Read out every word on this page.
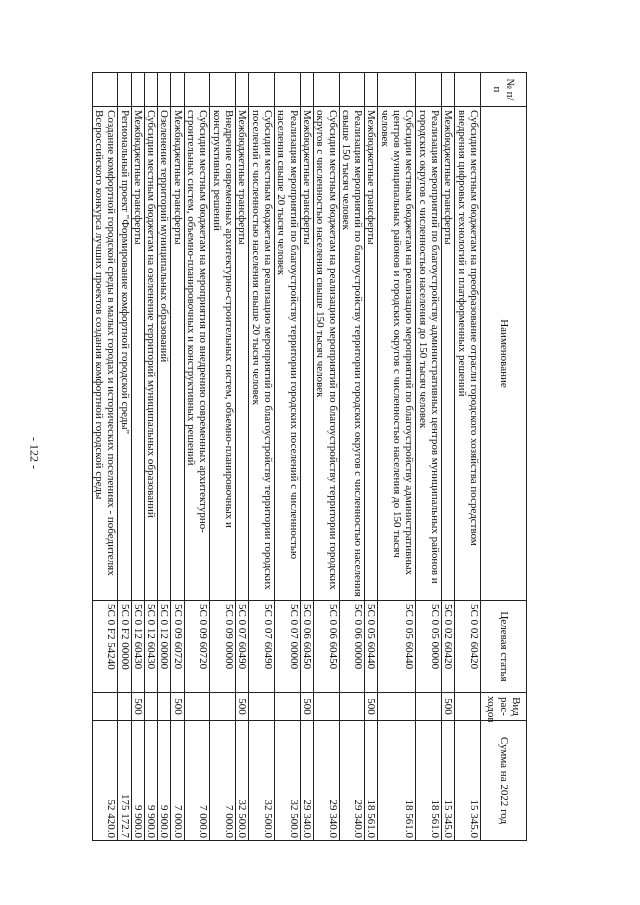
- 122 -
№ п/п	Наименование	Целевая статья	Вид рас-ходов	Сумма на 2022 год
	Субсидии местным бюджетам на преобразование отрасли городского хозяйства посредством внедрения цифровых технологий и платформенных решений	5С 0 02 60420		15 345.0
	Межбюджетные трансферты	5С 0 02 60420	500	15 345.0
	Реализация мероприятий по благоустройству административных центров муниципальных районов и городских округов с численностью населения до 150 тысяч человек	5С 0 05 00000		18 561.0
	Субсидии местным бюджетам на реализацию мероприятий по благоустройству административных центров муниципальных районов и городских округов с численностью населения до 150 тысяч человек	5С 0 05 60440		18 561.0
	Межбюджетные трансферты	5С 0 05 60440	500	18 561.0
	Реализация мероприятий по благоустройству территории городских округов с численностью населения свыше 150 тысяч человек	5С 0 06 00000		29 340.0
	Субсидии местным бюджетам на реализацию мероприятий по благоустройству территории городских округов с численностью населения свыше 150 тысяч человек	5С 0 06 60450		29 340.0
	Межбюджетные трансферты	5С 0 06 60450	500	29 340.0
	Реализация мероприятий по благоустройству территории городских поселений с численностью населения свыше 20 тысяч человек	5С 0 07 00000		32 500.0
	Субсидии местным бюджетам на реализацию мероприятий по благоустройству территории городских поселений с численностью населения свыше 20 тысяч человек	5С 0 07 60490		32 500.0
	Межбюджетные трансферты	5С 0 07 60490	500	32 500.0
	Внедрение современных архитектурно-строительных систем, объемно-планировочных и конструктивных решений	5С 0 09 00000		7 000.0
	Субсидии местным бюджетам на мероприятия по внедрению современных архитектурно-строительных систем, объемно-планировочных и конструктивных решений	5С 0 09 60720		7 000.0
	Межбюджетные трансферты	5С 0 09 60720	500	7 000.0
	Озеленение территорий муниципальных образований	5С 0 12 00000		9 900.0
	Субсидии местным бюджетам на озеленение территорий муниципальных образований	5С 0 12 60430		9 900.0
	Межбюджетные трансферты	5С 0 12 60430	500	9 900.0
	Региональный проект "Формирование комфортной городской среды"	5С 0 F2 00000		175 172.7
	Создание комфортной городской среды в малых городах и исторических поселениях - победителях Всероссийского конкурса лучших проектов создания комфортной городской среды	5С 0 F2 54240		52 420.0
